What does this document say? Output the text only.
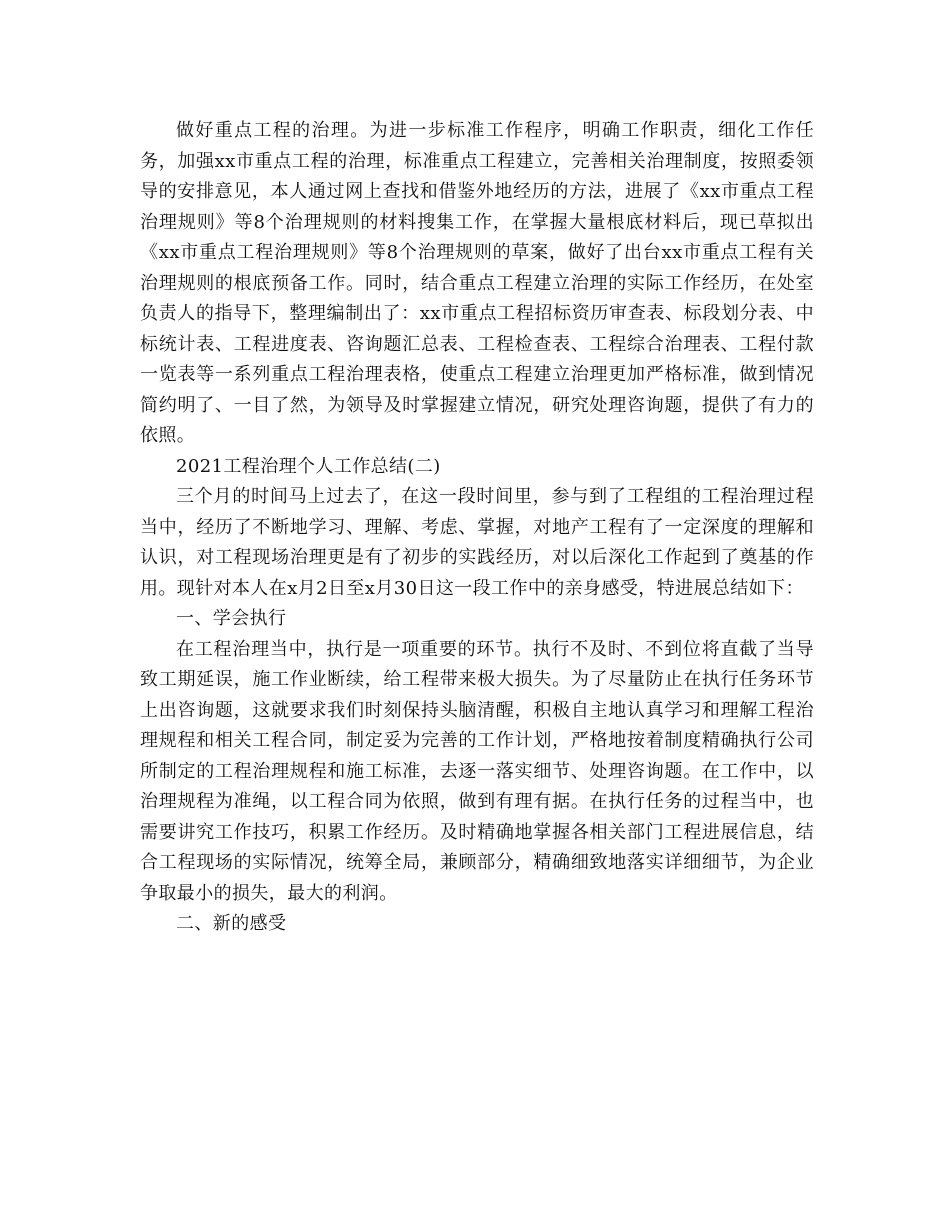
做好重点工程的治理。为进一步标准工作程序，明确工作职责，细化工作任务，加强xx市重点工程的治理，标准重点工程建立，完善相关治理制度，按照委领导的安排意见，本人通过网上查找和借鉴外地经历的方法，进展了《xx市重点工程治理规则》等8个治理规则的材料搜集工作，在掌握大量根底材料后，现已草拟出《xx市重点工程治理规则》等8个治理规则的草案，做好了出台xx市重点工程有关治理规则的根底预备工作。同时，结合重点工程建立治理的实际工作经历，在处室负责人的指导下，整理编制出了：xx市重点工程招标资历审查表、标段划分表、中标统计表、工程进度表、咨询题汇总表、工程检查表、工程综合治理表、工程付款一览表等一系列重点工程治理表格，使重点工程建立治理更加严格标准，做到情况简约明了、一目了然，为领导及时掌握建立情况，研究处理咨询题，提供了有力的依照。

2021工程治理个人工作总结(二)

三个月的时间马上过去了，在这一段时间里，参与到了工程组的工程治理过程当中，经历了不断地学习、理解、考虑、掌握，对地产工程有了一定深度的理解和认识，对工程现场治理更是有了初步的实践经历，对以后深化工作起到了奠基的作用。现针对本人在x月2日至x月30日这一段工作中的亲身感受，特进展总结如下：

一、学会执行

在工程治理当中，执行是一项重要的环节。执行不及时、不到位将直截了当导致工期延误，施工作业断续，给工程带来极大损失。为了尽量防止在执行任务环节上出咨询题，这就要求我们时刻保持头脑清醒，积极自主地认真学习和理解工程治理规程和相关工程合同，制定妥为完善的工作计划，严格地按着制度精确执行公司所制定的工程治理规程和施工标准，去逐一落实细节、处理咨询题。在工作中，以治理规程为准绳，以工程合同为依照，做到有理有据。在执行任务的过程当中，也需要讲究工作技巧，积累工作经历。及时精确地掌握各相关部门工程进展信息，结合工程现场的实际情况，统筹全局，兼顾部分，精确细致地落实详细细节，为企业争取最小的损失，最大的利润。

二、新的感受
